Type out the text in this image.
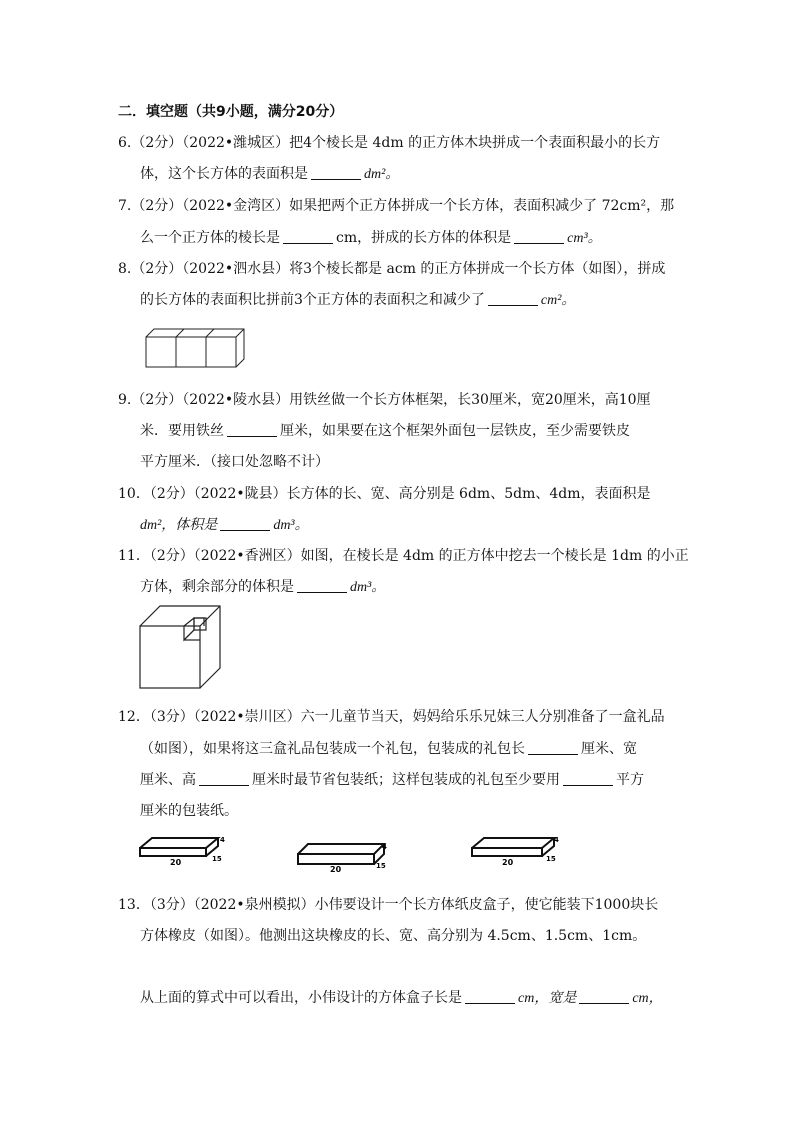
二．填空题（共9小题，满分20分）
6.（2分）（2022•潍城区）把4个棱长是 4dm 的正方体木块拼成一个表面积最小的长方
体，这个长方体的表面积是	dm²。
7.（2分）（2022•金湾区）如果把两个正方体拼成一个长方体，表面积减少了 72cm²，那
么一个正方体的棱长是	cm，拼成的长方体的体积是	cm³。
8.（2分）（2022•泗水县）将3个棱长都是 acm 的正方体拼成一个长方体（如图），拼成
的长方体的表面积比拼前3个正方体的表面积之和减少了	cm²。
9.（2分）（2022•陵水县）用铁丝做一个长方体框架，长30厘米，宽20厘米，高10厘
米．要用铁丝	厘米，如果要在这个框架外面包一层铁皮，至少需要铁皮
平方厘米．（接口处忽略不计）
10．（2分）（2022•陇县）长方体的长、宽、高分别是 6dm、5dm、4dm，表面积是
dm²，体积是	dm³。
11．（2分）（2022•香洲区）如图，在棱长是 4dm 的正方体中挖去一个棱长是 1dm 的小正
方体，剩余部分的体积是	dm³。
12．（3分）（2022•崇川区）六一儿童节当天，妈妈给乐乐兄妹三人分别准备了一盒礼品
（如图），如果将这三盒礼品包装成一个礼包，包装成的礼包长	厘米、宽
厘米、高	厘米时最节省包装纸；这样包装成的礼包至少要用	平方
厘米的包装纸。
20	15
4
20	15
4
20	15
4
13．（3分）（2022•泉州模拟）小伟要设计一个长方体纸皮盒子，使它能装下1000块长
方体橡皮（如图）。他测出这块橡皮的长、宽、高分别为 4.5cm、1.5cm、1cm。
从上面的算式中可以看出，小伟设计的方体盒子长是	cm，宽是	cm，
